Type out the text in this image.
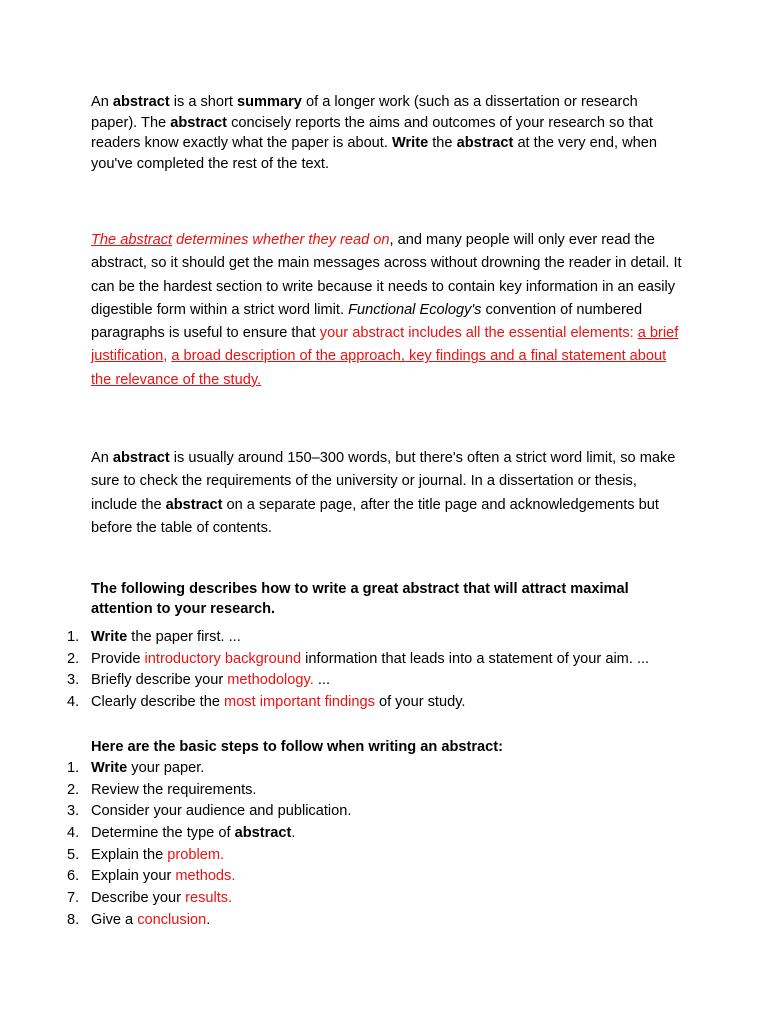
An abstract is a short summary of a longer work (such as a dissertation or research paper). The abstract concisely reports the aims and outcomes of your research so that readers know exactly what the paper is about. Write the abstract at the very end, when you've completed the rest of the text.
The abstract determines whether they read on, and many people will only ever read the abstract, so it should get the main messages across without drowning the reader in detail. It can be the hardest section to write because it needs to contain key information in an easily digestible form within a strict word limit. Functional Ecology's convention of numbered paragraphs is useful to ensure that your abstract includes all the essential elements: a brief justification, a broad description of the approach, key findings and a final statement about the relevance of the study.
An abstract is usually around 150–300 words, but there's often a strict word limit, so make sure to check the requirements of the university or journal. In a dissertation or thesis, include the abstract on a separate page, after the title page and acknowledgements but before the table of contents.
The following describes how to write a great abstract that will attract maximal attention to your research.
1. Write the paper first. ...
2. Provide introductory background information that leads into a statement of your aim. ...
3. Briefly describe your methodology. ...
4. Clearly describe the most important findings of your study.
Here are the basic steps to follow when writing an abstract:
1. Write your paper.
2. Review the requirements.
3. Consider your audience and publication.
4. Determine the type of abstract.
5. Explain the problem.
6. Explain your methods.
7. Describe your results.
8. Give a conclusion.
